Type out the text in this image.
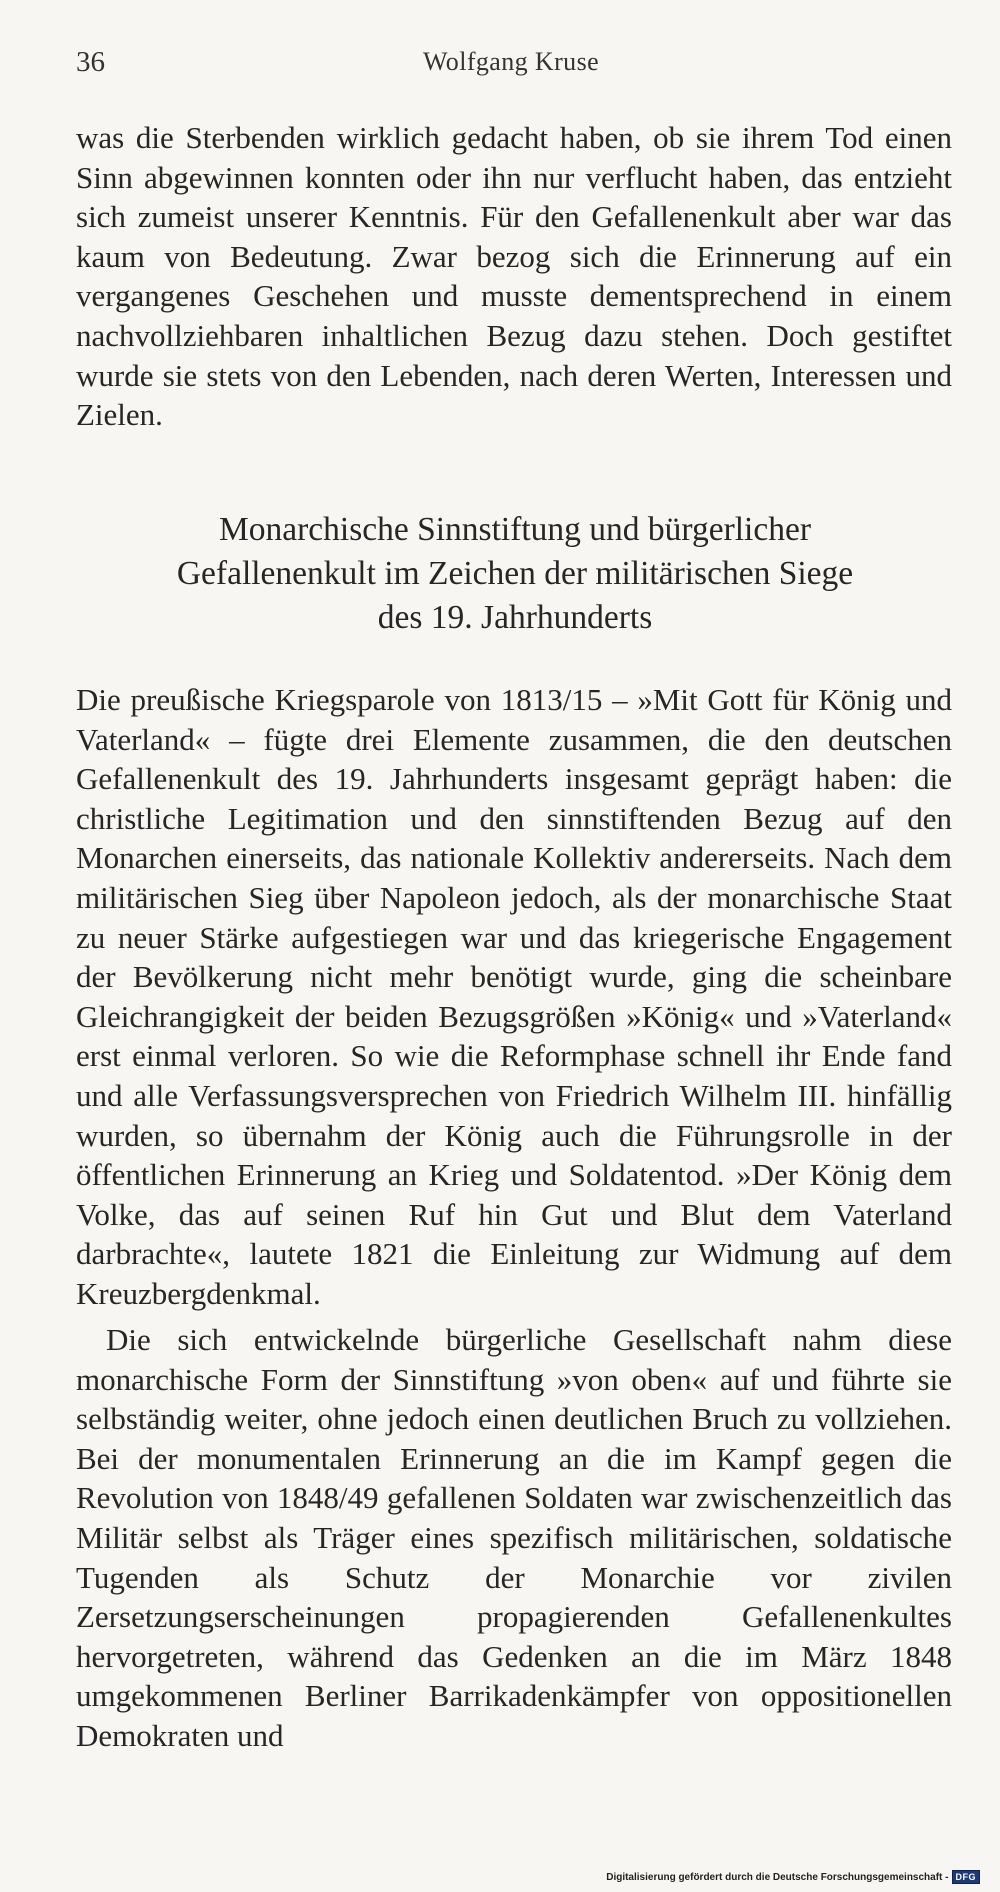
36	Wolfgang Kruse

was die Sterbenden wirklich gedacht haben, ob sie ihrem Tod einen Sinn abgewinnen konnten oder ihn nur verflucht haben, das entzieht sich zumeist unserer Kenntnis. Für den Gefallenenkult aber war das kaum von Bedeutung. Zwar bezog sich die Erinnerung auf ein vergangenes Geschehen und musste dementsprechend in einem nachvollziehbaren inhaltlichen Bezug dazu stehen. Doch gestiftet wurde sie stets von den Lebenden, nach deren Werten, Interessen und Zielen.

Monarchische Sinnstiftung und bürgerlicher
Gefallenenkult im Zeichen der militärischen Siege
des 19. Jahrhunderts

Die preußische Kriegsparole von 1813/15 – »Mit Gott für König und Vaterland« – fügte drei Elemente zusammen, die den deutschen Gefallenenkult des 19. Jahrhunderts insgesamt geprägt haben: die christliche Legitimation und den sinnstiftenden Bezug auf den Monarchen einerseits, das nationale Kollektiv andererseits. Nach dem militärischen Sieg über Napoleon jedoch, als der monarchische Staat zu neuer Stärke aufgestiegen war und das kriegerische Engagement der Bevölkerung nicht mehr benötigt wurde, ging die scheinbare Gleichrangigkeit der beiden Bezugsgrößen »König« und »Vaterland« erst einmal verloren. So wie die Reformphase schnell ihr Ende fand und alle Verfassungsversprechen von Friedrich Wilhelm III. hinfällig wurden, so übernahm der König auch die Führungsrolle in der öffentlichen Erinnerung an Krieg und Soldatentod. »Der König dem Volke, das auf seinen Ruf hin Gut und Blut dem Vaterland darbrachte«, lautete 1821 die Einleitung zur Widmung auf dem Kreuzbergdenkmal.

Die sich entwickelnde bürgerliche Gesellschaft nahm diese monarchische Form der Sinnstiftung »von oben« auf und führte sie selbständig weiter, ohne jedoch einen deutlichen Bruch zu vollziehen. Bei der monumentalen Erinnerung an die im Kampf gegen die Revolution von 1848/49 gefallenen Soldaten war zwischenzeitlich das Militär selbst als Träger eines spezifisch militärischen, soldatische Tugenden als Schutz der Monarchie vor zivilen Zersetzungserscheinungen propagierenden Gefallenenkultes hervorgetreten, während das Gedenken an die im März 1848 umgekommenen Berliner Barrikadenkämpfer von oppositionellen Demokraten und

Digitalisierung gefördert durch die Deutsche Forschungsgemeinschaft - DFG
